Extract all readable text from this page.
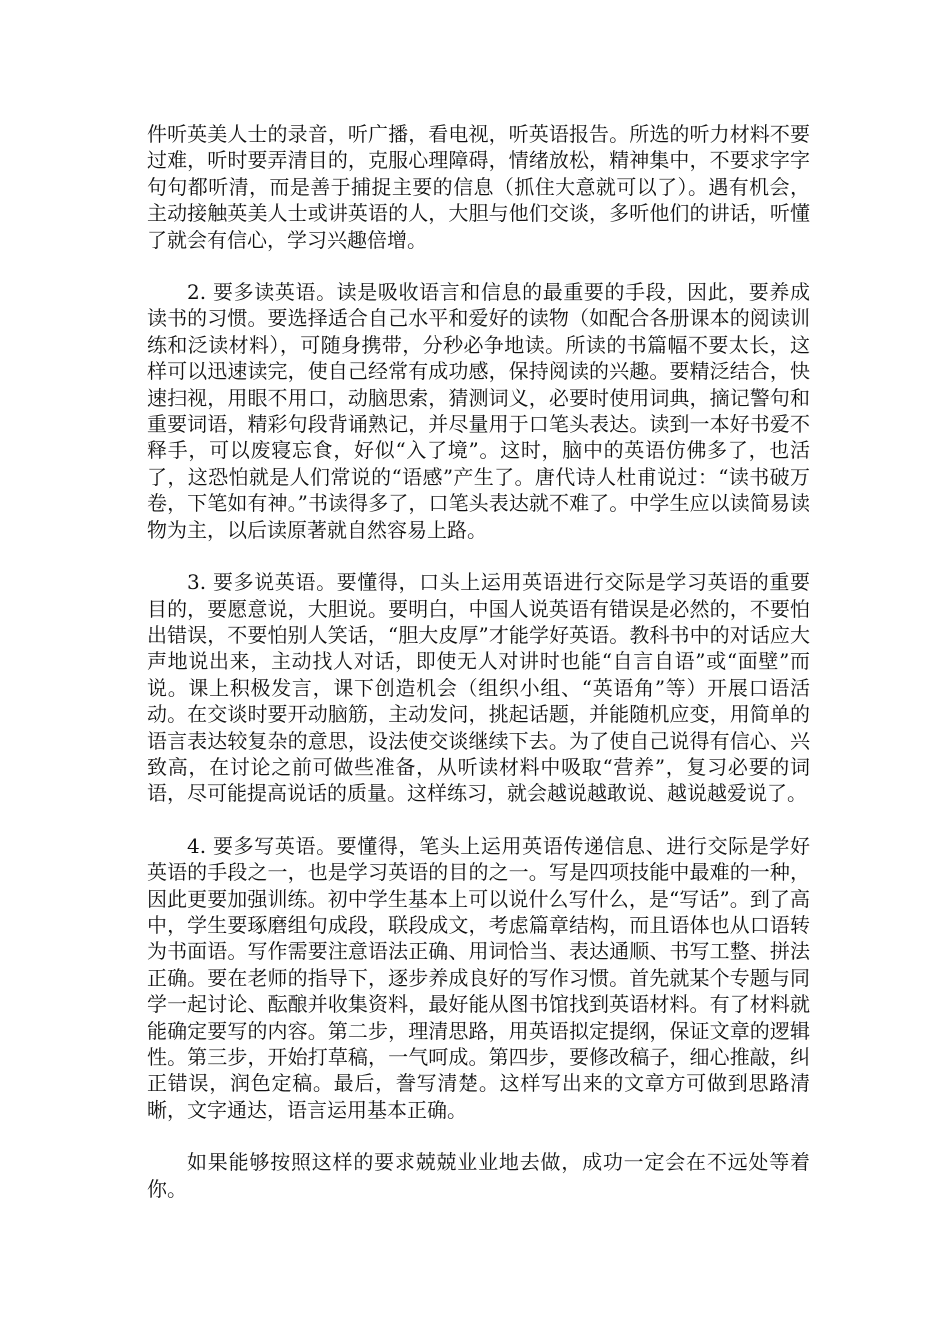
件听英美人士的录音，听广播，看电视，听英语报告。所选的听力材料不要过难，听时要弄清目的，克服心理障碍，情绪放松，精神集中，不要求字字句句都听清，而是善于捕捉主要的信息（抓住大意就可以了）。遇有机会，主动接触英美人士或讲英语的人，大胆与他们交谈，多听他们的讲话，听懂了就会有信心，学习兴趣倍增。

2. 要多读英语。读是吸收语言和信息的最重要的手段，因此，要养成读书的习惯。要选择适合自己水平和爱好的读物（如配合各册课本的阅读训练和泛读材料），可随身携带，分秒必争地读。所读的书篇幅不要太长，这样可以迅速读完，使自己经常有成功感，保持阅读的兴趣。要精泛结合，快速扫视，用眼不用口，动脑思索，猜测词义，必要时使用词典，摘记警句和重要词语，精彩句段背诵熟记，并尽量用于口笔头表达。读到一本好书爱不释手，可以废寝忘食，好似“入了境”。这时，脑中的英语仿佛多了，也活了，这恐怕就是人们常说的“语感”产生了。唐代诗人杜甫说过：“读书破万卷，下笔如有神。”书读得多了，口笔头表达就不难了。中学生应以读简易读物为主，以后读原著就自然容易上路。

3. 要多说英语。要懂得，口头上运用英语进行交际是学习英语的重要目的，要愿意说，大胆说。要明白，中国人说英语有错误是必然的，不要怕出错误，不要怕别人笑话，“胆大皮厚”才能学好英语。教科书中的对话应大声地说出来，主动找人对话，即使无人对讲时也能“自言自语”或“面壁”而说。课上积极发言，课下创造机会（组织小组、“英语角”等）开展口语活动。在交谈时要开动脑筋，主动发问，挑起话题，并能随机应变，用简单的语言表达较复杂的意思，设法使交谈继续下去。为了使自己说得有信心、兴致高，在讨论之前可做些准备，从听读材料中吸取“营养”，复习必要的词语，尽可能提高说话的质量。这样练习，就会越说越敢说、越说越爱说了。

4. 要多写英语。要懂得，笔头上运用英语传递信息、进行交际是学好英语的手段之一，也是学习英语的目的之一。写是四项技能中最难的一种，因此更要加强训练。初中学生基本上可以说什么写什么，是“写话”。到了高中，学生要琢磨组句成段，联段成文，考虑篇章结构，而且语体也从口语转为书面语。写作需要注意语法正确、用词恰当、表达通顺、书写工整、拼法正确。要在老师的指导下，逐步养成良好的写作习惯。首先就某个专题与同学一起讨论、酝酿并收集资料，最好能从图书馆找到英语材料。有了材料就能确定要写的内容。第二步，理清思路，用英语拟定提纲，保证文章的逻辑性。第三步，开始打草稿，一气呵成。第四步，要修改稿子，细心推敲，纠正错误，润色定稿。最后，誊写清楚。这样写出来的文章方可做到思路清晰，文字通达，语言运用基本正确。

如果能够按照这样的要求兢兢业业地去做，成功一定会在不远处等着你。
